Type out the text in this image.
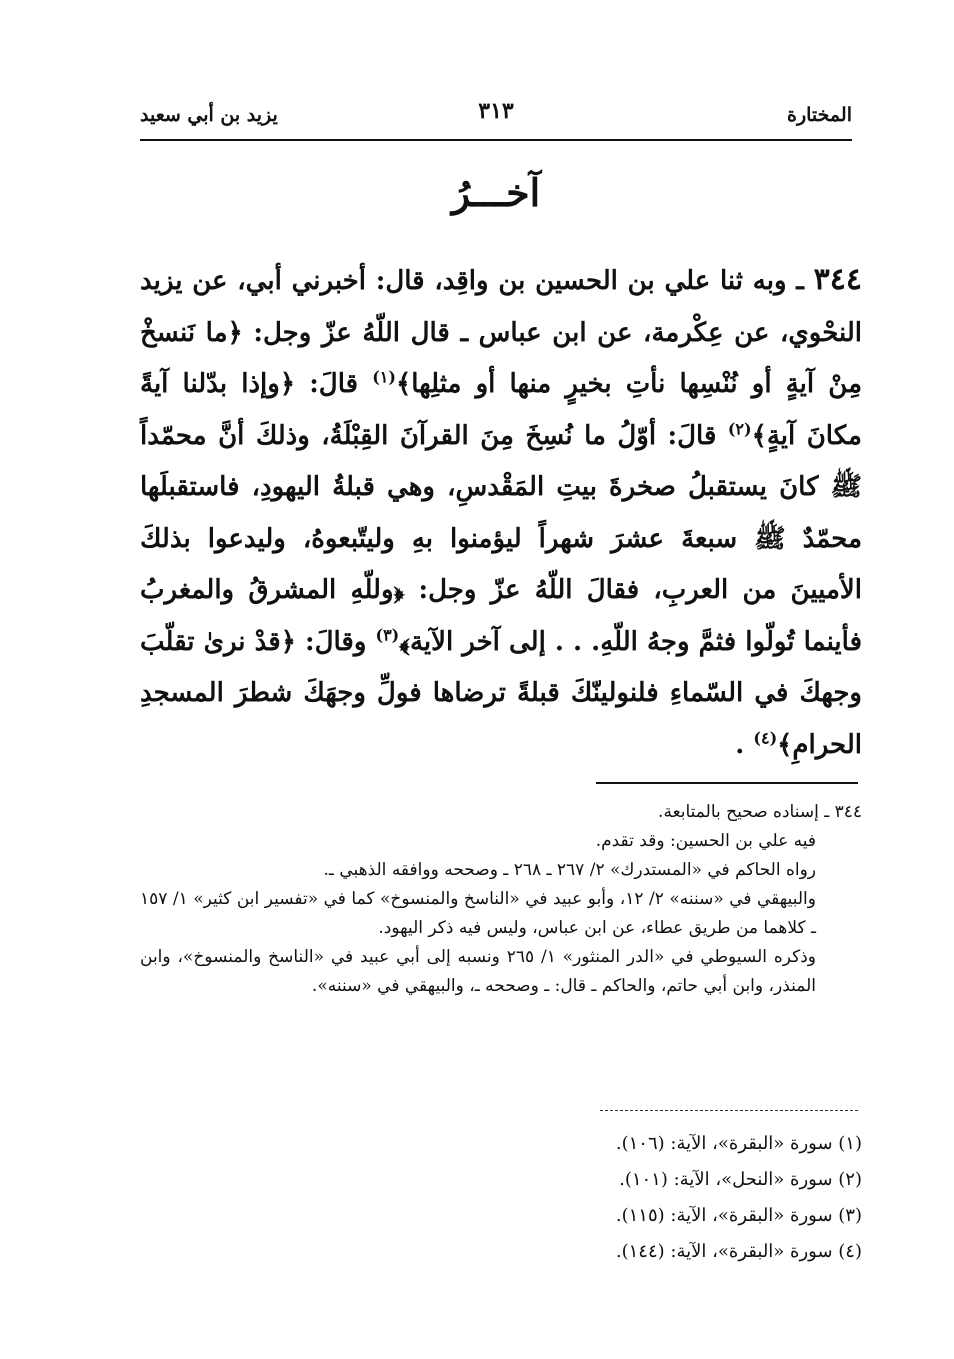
المختارة
٣١٣
يزيد بن أبي سعيد
آخـــرُ
٣٤٤ ـ وبه ثنا علي بن الحسين بن واقِد، قال: أخبرني أبي، عن يزيد النحْوي، عن عِكْرمة، عن ابن عباس ـ قال اللّهُ عزّ وجل: ﴿ما نَنسخْ مِنْ آيةٍ أو نُنْسِها نأتِ بخيرٍ منها أو مثلِها﴾$^{(١)}$ قالَ: ﴿وإذا بدّلنا آيةً مكانَ آيةٍ﴾$^{(٢)}$ قالَ: أوّلُ ما نُسِخَ مِنَ القرآنَ القِبْلَةُ، وذلكَ أنَّ محمّداً ﷺ كانَ يستقبلُ صخرةَ بيتِ المَقْدسِ، وهي قبلةُ اليهودِ، فاستقبلَها محمّدٌ ﷺ سبعةَ عشرَ شهراً ليؤمنوا بهِ وليتّبعوهُ، وليدعوا بذلكَ الأميينَ من العربِ، فقالَ اللّهُ عزّ وجل: ﴿وللّهِ المشرقُ والمغربُ فأينما تُولّوا فثمَّ وجهُ اللّهِ. . . إلى آخر الآية﴾$^{(٣)}$ وقالَ: ﴿قدْ نرىٰ تقلّبَ وجهكَ في السّماءِ فلنولينّكَ قبلةً ترضاها فولِّ وجهَكَ شطرَ المسجدِ الحرامِ﴾$^{(٤)}$ .

٣٤٤ ـ إسناده صحيح بالمتابعة.

فيه علي بن الحسين: وقد تقدم.

رواه الحاكم في «المستدرك» ٢/ ٢٦٧ ـ ٢٦٨ ـ وصححه ووافقه الذهبي ـ.

والبيهقي في «سننه» ٢/ ١٢، وأبو عبيد في «الناسخ والمنسوخ» كما في «تفسير ابن كثير» ١/ ١٥٧ ـ كلاهما من طريق عطاء، عن ابن عباس، وليس فيه ذكر اليهود.

وذكره السيوطي في «الدر المنثور» ١/ ٢٦٥ ونسبه إلى أبي عبيد في «الناسخ والمنسوخ»، وابن المنذر، وابن أبي حاتم، والحاكم ـ قال: ـ وصححه ـ، والبيهقي في «سننه».

(١) سورة «البقرة»، الآية: (١٠٦).

(٢) سورة «النحل»، الآية: (١٠١).

(٣) سورة «البقرة»، الآية: (١١٥).

(٤) سورة «البقرة»، الآية: (١٤٤).
